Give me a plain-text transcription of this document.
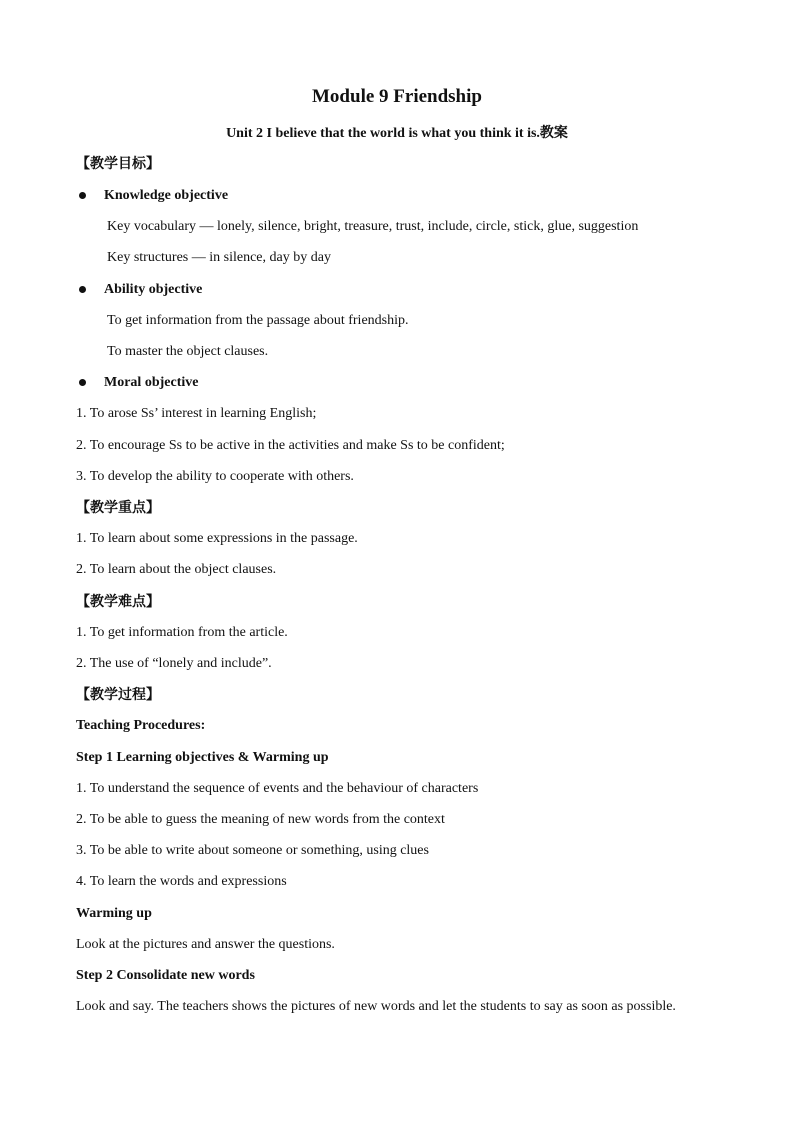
Module 9 Friendship
Unit 2 I believe that the world is what you think it is.教案
【教学目标】
Knowledge objective
Key vocabulary — lonely, silence, bright, treasure, trust, include, circle, stick, glue, suggestion
Key structures — in silence, day by day
Ability objective
To get information from the passage about friendship.
To master the object clauses.
Moral objective
1. To arose Ss’ interest in learning English;
2. To encourage Ss to be active in the activities and make Ss to be confident;
3. To develop the ability to cooperate with others.
【教学重点】
1. To learn about some expressions in the passage.
2. To learn about the object clauses.
【教学难点】
1. To get information from the article.
2. The use of “lonely and include”.
【教学过程】
Teaching Procedures:
Step 1 Learning objectives & Warming up
1. To understand the sequence of events and the behaviour of characters
2. To be able to guess the meaning of new words from the context
3. To be able to write about someone or something, using clues
4. To learn the words and expressions
Warming up
Look at the pictures and answer the questions.
Step 2 Consolidate new words
Look and say. The teachers shows the pictures of new words and let the students to say as soon as possible.
